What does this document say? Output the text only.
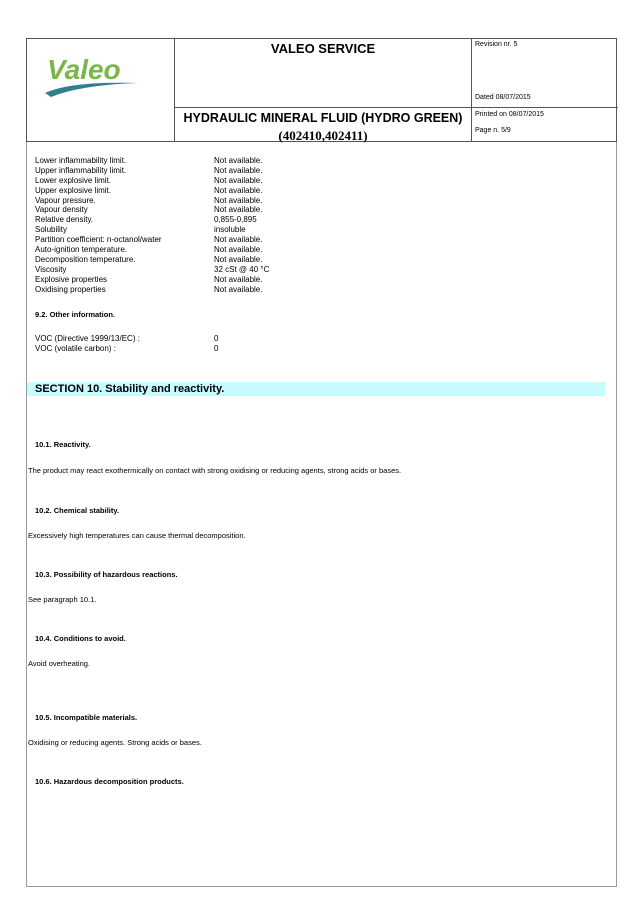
Valeo
VALEO SERVICE
HYDRAULIC MINERAL FLUID (HYDRO GREEN)
(402410,402411)
Revision nr. 5
Dated 08/07/2015
Printed on 08/07/2015
Page n. 5/9
Lower inflammability limit.	Not available.
Upper inflammability limit.	Not available.
Lower explosive limit.	Not available.
Upper explosive limit.	Not available.
Vapour pressure.	Not available.
Vapour density	Not available.
Relative density.	0,855-0,895
Solubility	insoluble
Partition coefficient: n-octanol/water	Not available.
Auto-ignition temperature.	Not available.
Decomposition temperature.	Not available.
Viscosity	32 cSt @ 40 °C
Explosive properties	Not available.
Oxidising properties	Not available.
9.2. Other information.
VOC (Directive 1999/13/EC) :	0
VOC (volatile carbon) :	0
SECTION 10. Stability and reactivity.
10.1. Reactivity.
The product may react exothermically on contact with strong oxidising or reducing agents, strong acids or bases.
10.2. Chemical stability.
Excessively high temperatures can cause thermal decomposition.
10.3. Possibility of hazardous reactions.
See paragraph 10.1.
10.4. Conditions to avoid.
Avoid overheating.
10.5. Incompatible materials.
Oxidising or reducing agents. Strong acids or bases.
10.6. Hazardous decomposition products.
